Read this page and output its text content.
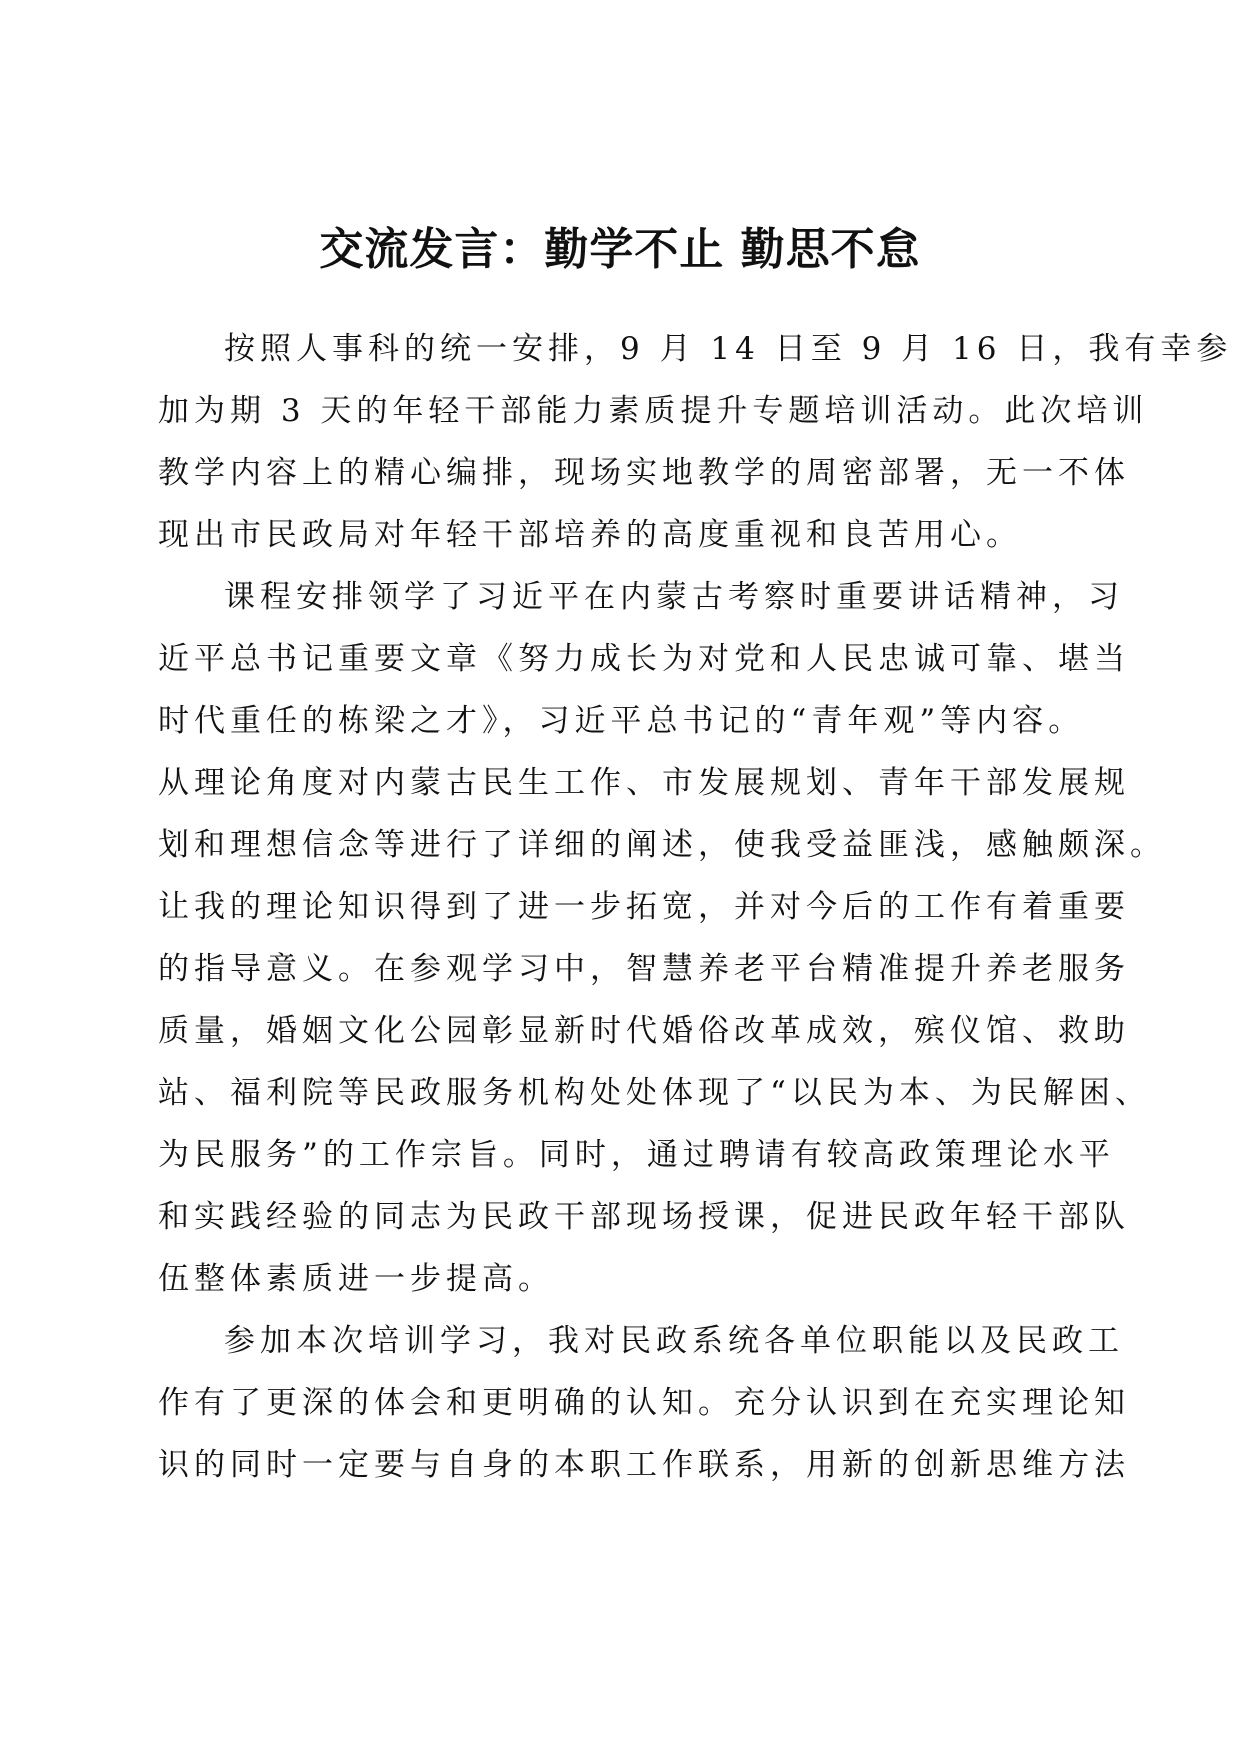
交流发言：勤学不止 勤思不怠

按照人事科的统一安排，9 月 14 日至 9 月 16 日，我有幸参

加为期 3 天的年轻干部能力素质提升专题培训活动。此次培训

教学内容上的精心编排，现场实地教学的周密部署，无一不体

现出市民政局对年轻干部培养的高度重视和良苦用心。

课程安排领学了习近平在内蒙古考察时重要讲话精神，习

近平总书记重要文章《努力成长为对党和人民忠诚可靠、堪当

时代重任的栋梁之才》，习近平总书记的“青年观”等内容。

从理论角度对内蒙古民生工作、市发展规划、青年干部发展规

划和理想信念等进行了详细的阐述，使我受益匪浅，感触颇深。

让我的理论知识得到了进一步拓宽，并对今后的工作有着重要

的指导意义。在参观学习中，智慧养老平台精准提升养老服务

质量，婚姻文化公园彰显新时代婚俗改革成效，殡仪馆、救助

站、福利院等民政服务机构处处体现了“以民为本、为民解困、

为民服务”的工作宗旨。同时，通过聘请有较高政策理论水平

和实践经验的同志为民政干部现场授课，促进民政年轻干部队

伍整体素质进一步提高。

参加本次培训学习，我对民政系统各单位职能以及民政工

作有了更深的体会和更明确的认知。充分认识到在充实理论知

识的同时一定要与自身的本职工作联系，用新的创新思维方法
